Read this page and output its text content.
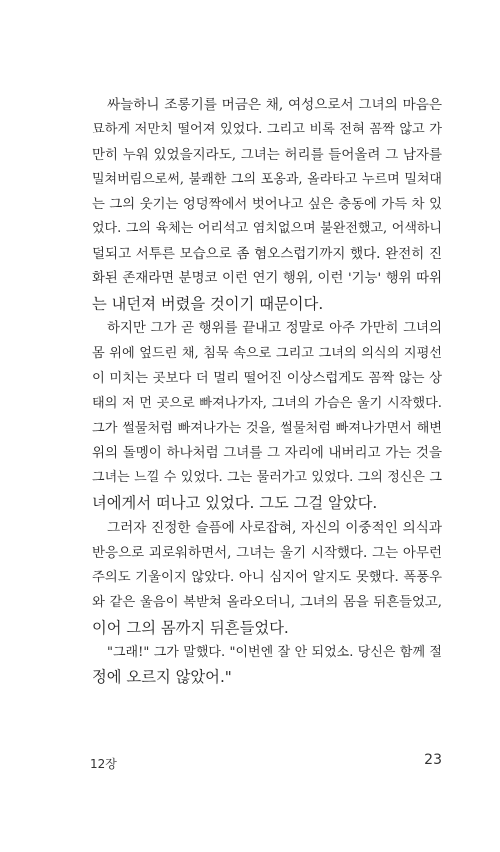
싸늘하니 조롱기를 머금은 채, 여성으로서 그녀의 마음은
묘하게 저만치 떨어져 있었다. 그리고 비록 전혀 꼼짝 않고 가
만히 누워 있었을지라도, 그녀는 허리를 들어올려 그 남자를
밀쳐버림으로써, 불쾌한 그의 포옹과, 올라타고 누르며 밀쳐대
는 그의 웃기는 엉덩짝에서 벗어나고 싶은 충동에 가득 차 있
었다. 그의 육체는 어리석고 염치없으며 불완전했고, 어색하니
덜되고 서투른 모습으로 좀 혐오스럽기까지 했다. 완전히 진
화된 존재라면 분명코 이런 연기 행위, 이런 '기능' 행위 따위
는 내던져 버렸을 것이기 때문이다.
하지만 그가 곧 행위를 끝내고 정말로 아주 가만히 그녀의
몸 위에 엎드린 채, 침묵 속으로 그리고 그녀의 의식의 지평선
이 미치는 곳보다 더 멀리 떨어진 이상스럽게도 꼼짝 않는 상
태의 저 먼 곳으로 빠져나가자, 그녀의 가슴은 울기 시작했다.
그가 썰물처럼 빠져나가는 것을, 썰물처럼 빠져나가면서 해변
위의 돌멩이 하나처럼 그녀를 그 자리에 내버리고 가는 것을
그녀는 느낄 수 있었다. 그는 물러가고 있었다. 그의 정신은 그
녀에게서 떠나고 있었다. 그도 그걸 알았다.
그러자 진정한 슬픔에 사로잡혀, 자신의 이중적인 의식과
반응으로 괴로워하면서, 그녀는 울기 시작했다. 그는 아무런
주의도 기울이지 않았다. 아니 심지어 알지도 못했다. 폭풍우
와 같은 울음이 복받쳐 올라오더니, 그녀의 몸을 뒤흔들었고,
이어 그의 몸까지 뒤흔들었다.
"그래!" 그가 말했다. "이번엔 잘 안 되었소. 당신은 함께 절
정에 오르지 않았어."
12장	23
